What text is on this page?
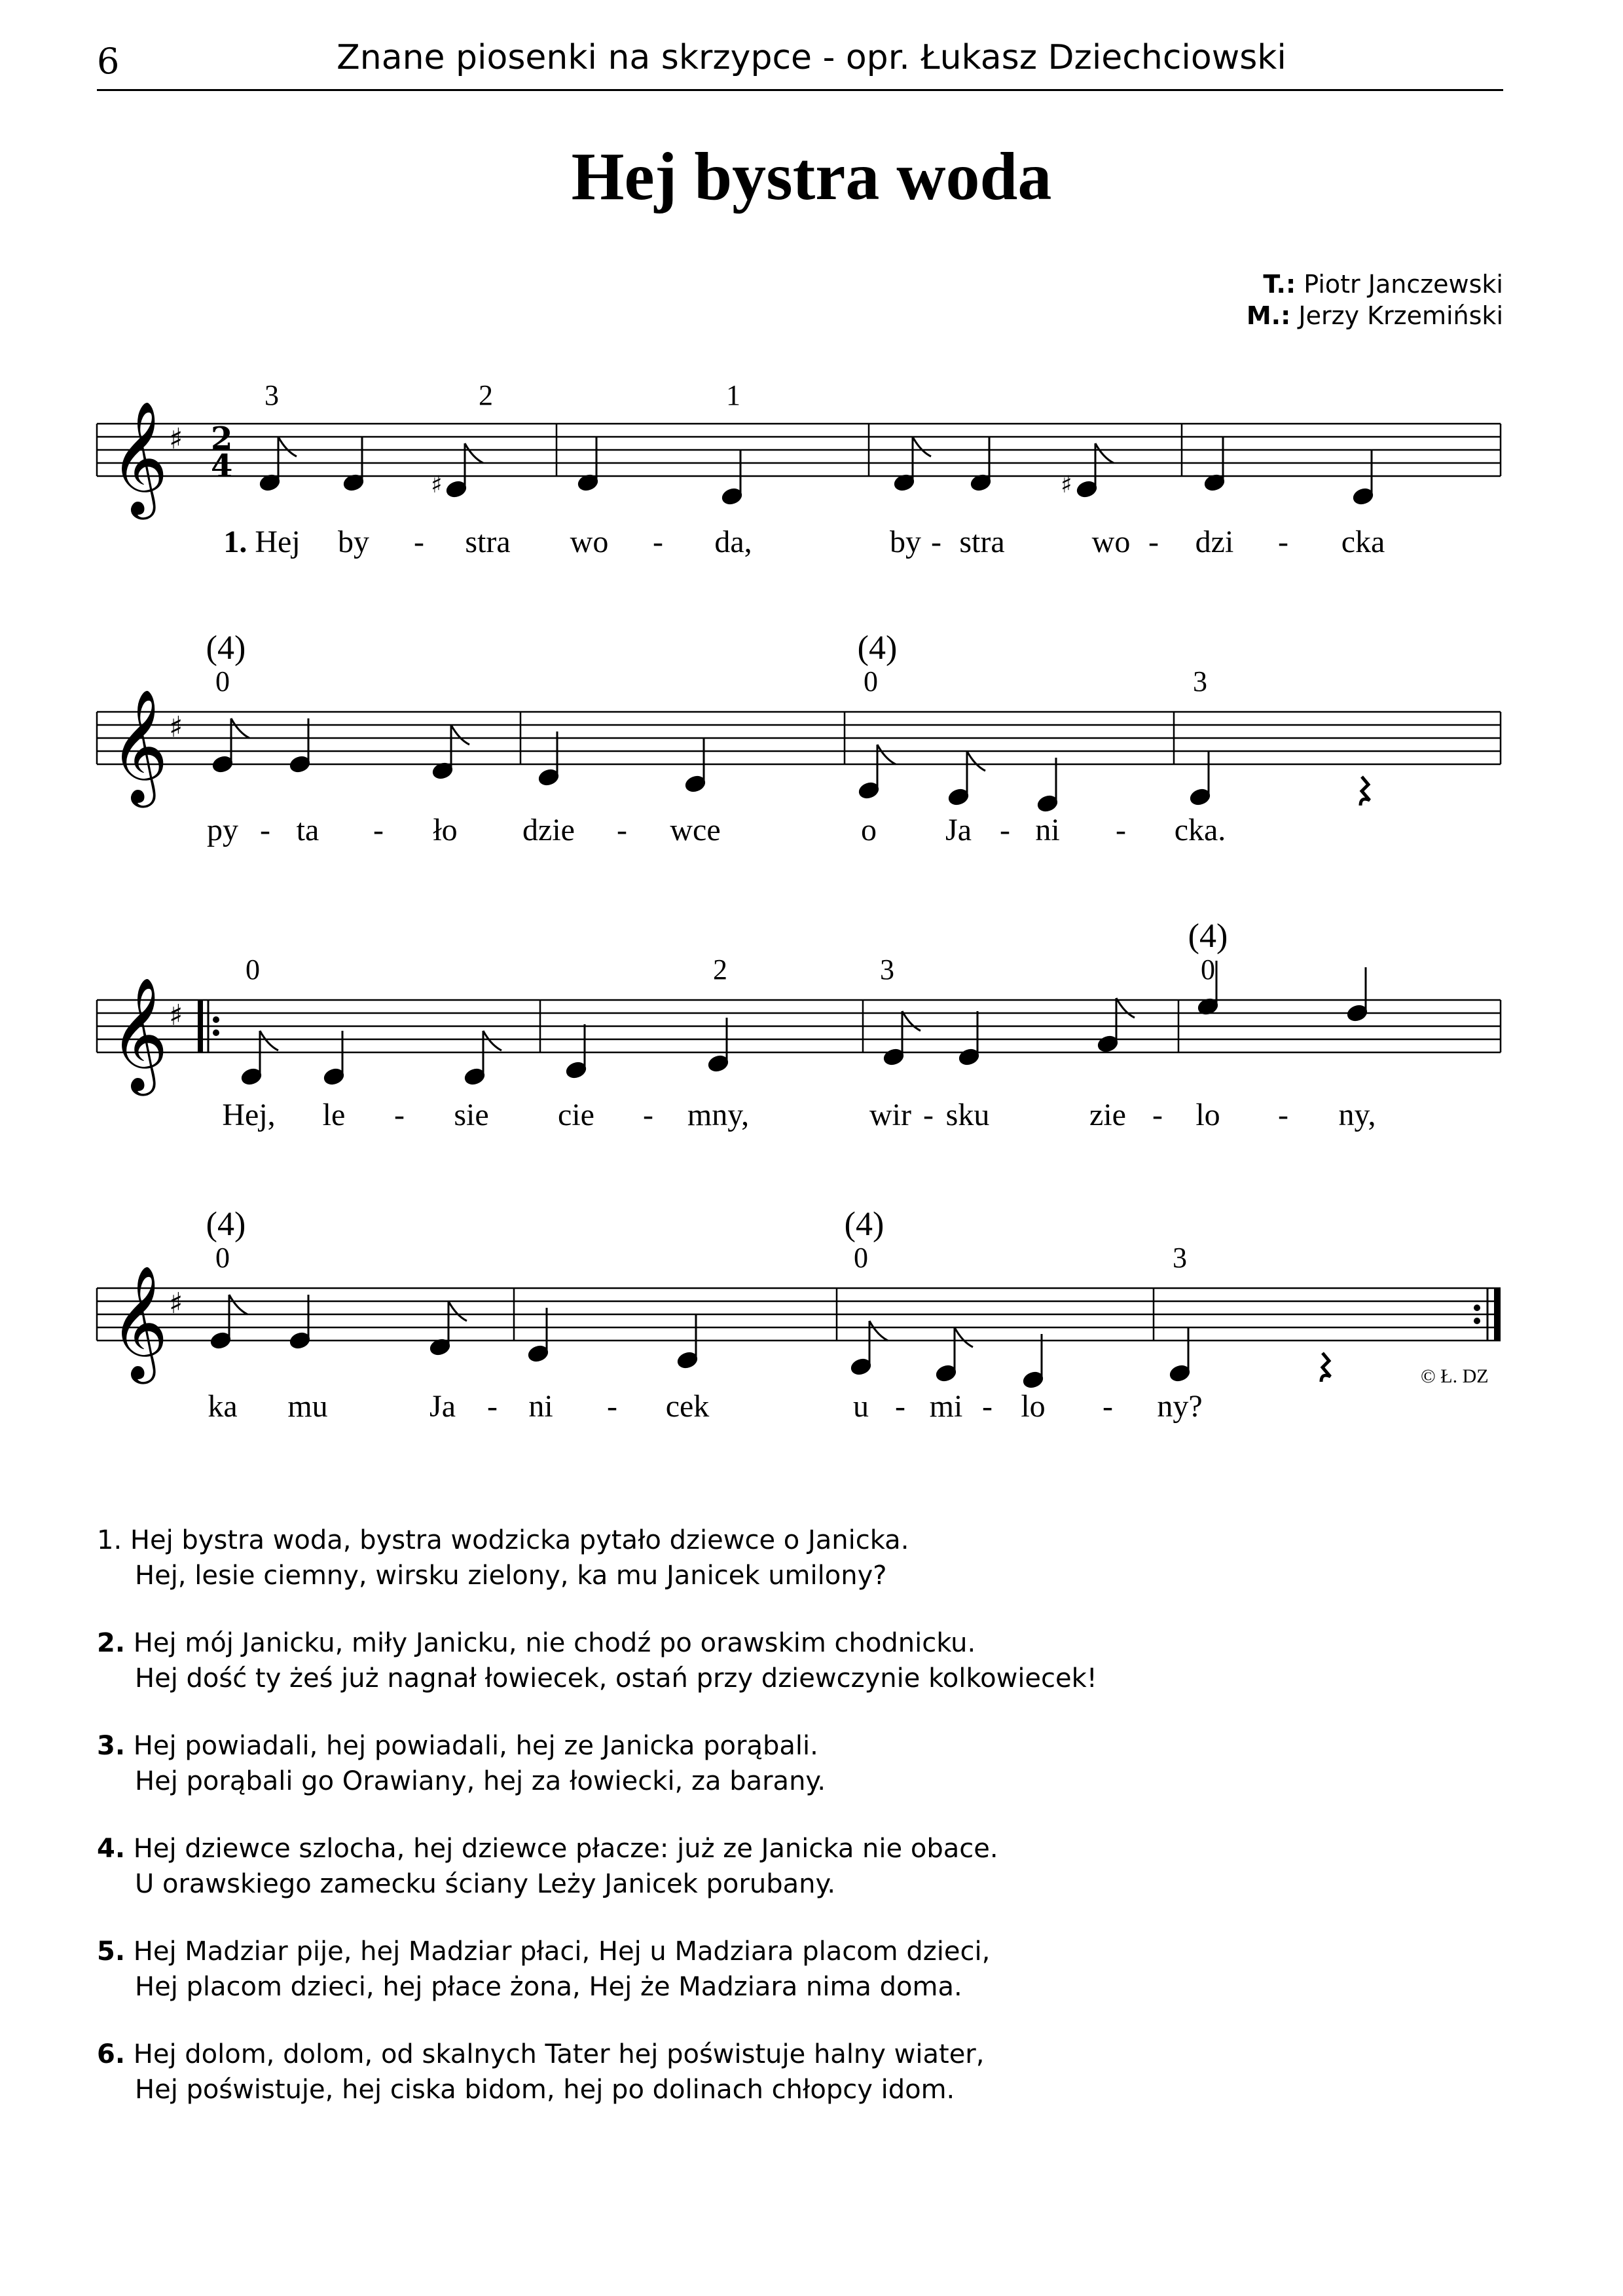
6	Znane piosenki na skrzypce - opr. Łukasz Dziechciowski
Hej bystra woda
T.: Piotr Janczewski
M.: Jerzy Krzemiński
𝄞 ♯ 2
4
♯	♯
3	2	1
1. Hej by - stra wo - da,	by - stra	wo - dzi - cka
𝄞 ♯
(4)
0
(4)
0	3
py - ta - ło dzie - wce	o Ja - ni - cka.
𝄞 ♯
0	2	3
(4)
0
Hej, le - sie cie - mny,	wir - sku	zie - lo - ny,
𝄞 ♯
(4)
0
(4)
0	3
© Ł. DZ
ka mu	Ja - ni - cek	u - mi - lo - ny?
1. Hej bystra woda, bystra wodzicka pytało dziewce o Janicka.
Hej, lesie ciemny, wirsku zielony, ka mu Janicek umilony?
2. Hej mój Janicku, miły Janicku, nie chodź po orawskim chodnicku.
Hej dość ty żeś już nagnał łowiecek, ostań przy dziewczynie kolkowiecek!
3. Hej powiadali, hej powiadali, hej ze Janicka porąbali.
Hej porąbali go Orawiany, hej za łowiecki, za barany.
4. Hej dziewce szlocha, hej dziewce płacze: już ze Janicka nie obace.
U orawskiego zamecku ściany Leży Janicek porubany.
5. Hej Madziar pije, hej Madziar płaci, Hej u Madziara placom dzieci,
Hej placom dzieci, hej płace żona, Hej że Madziara nima doma.
6. Hej dolom, dolom, od skalnych Tater hej poświstuje halny wiater,
Hej poświstuje, hej ciska bidom, hej po dolinach chłopcy idom.
